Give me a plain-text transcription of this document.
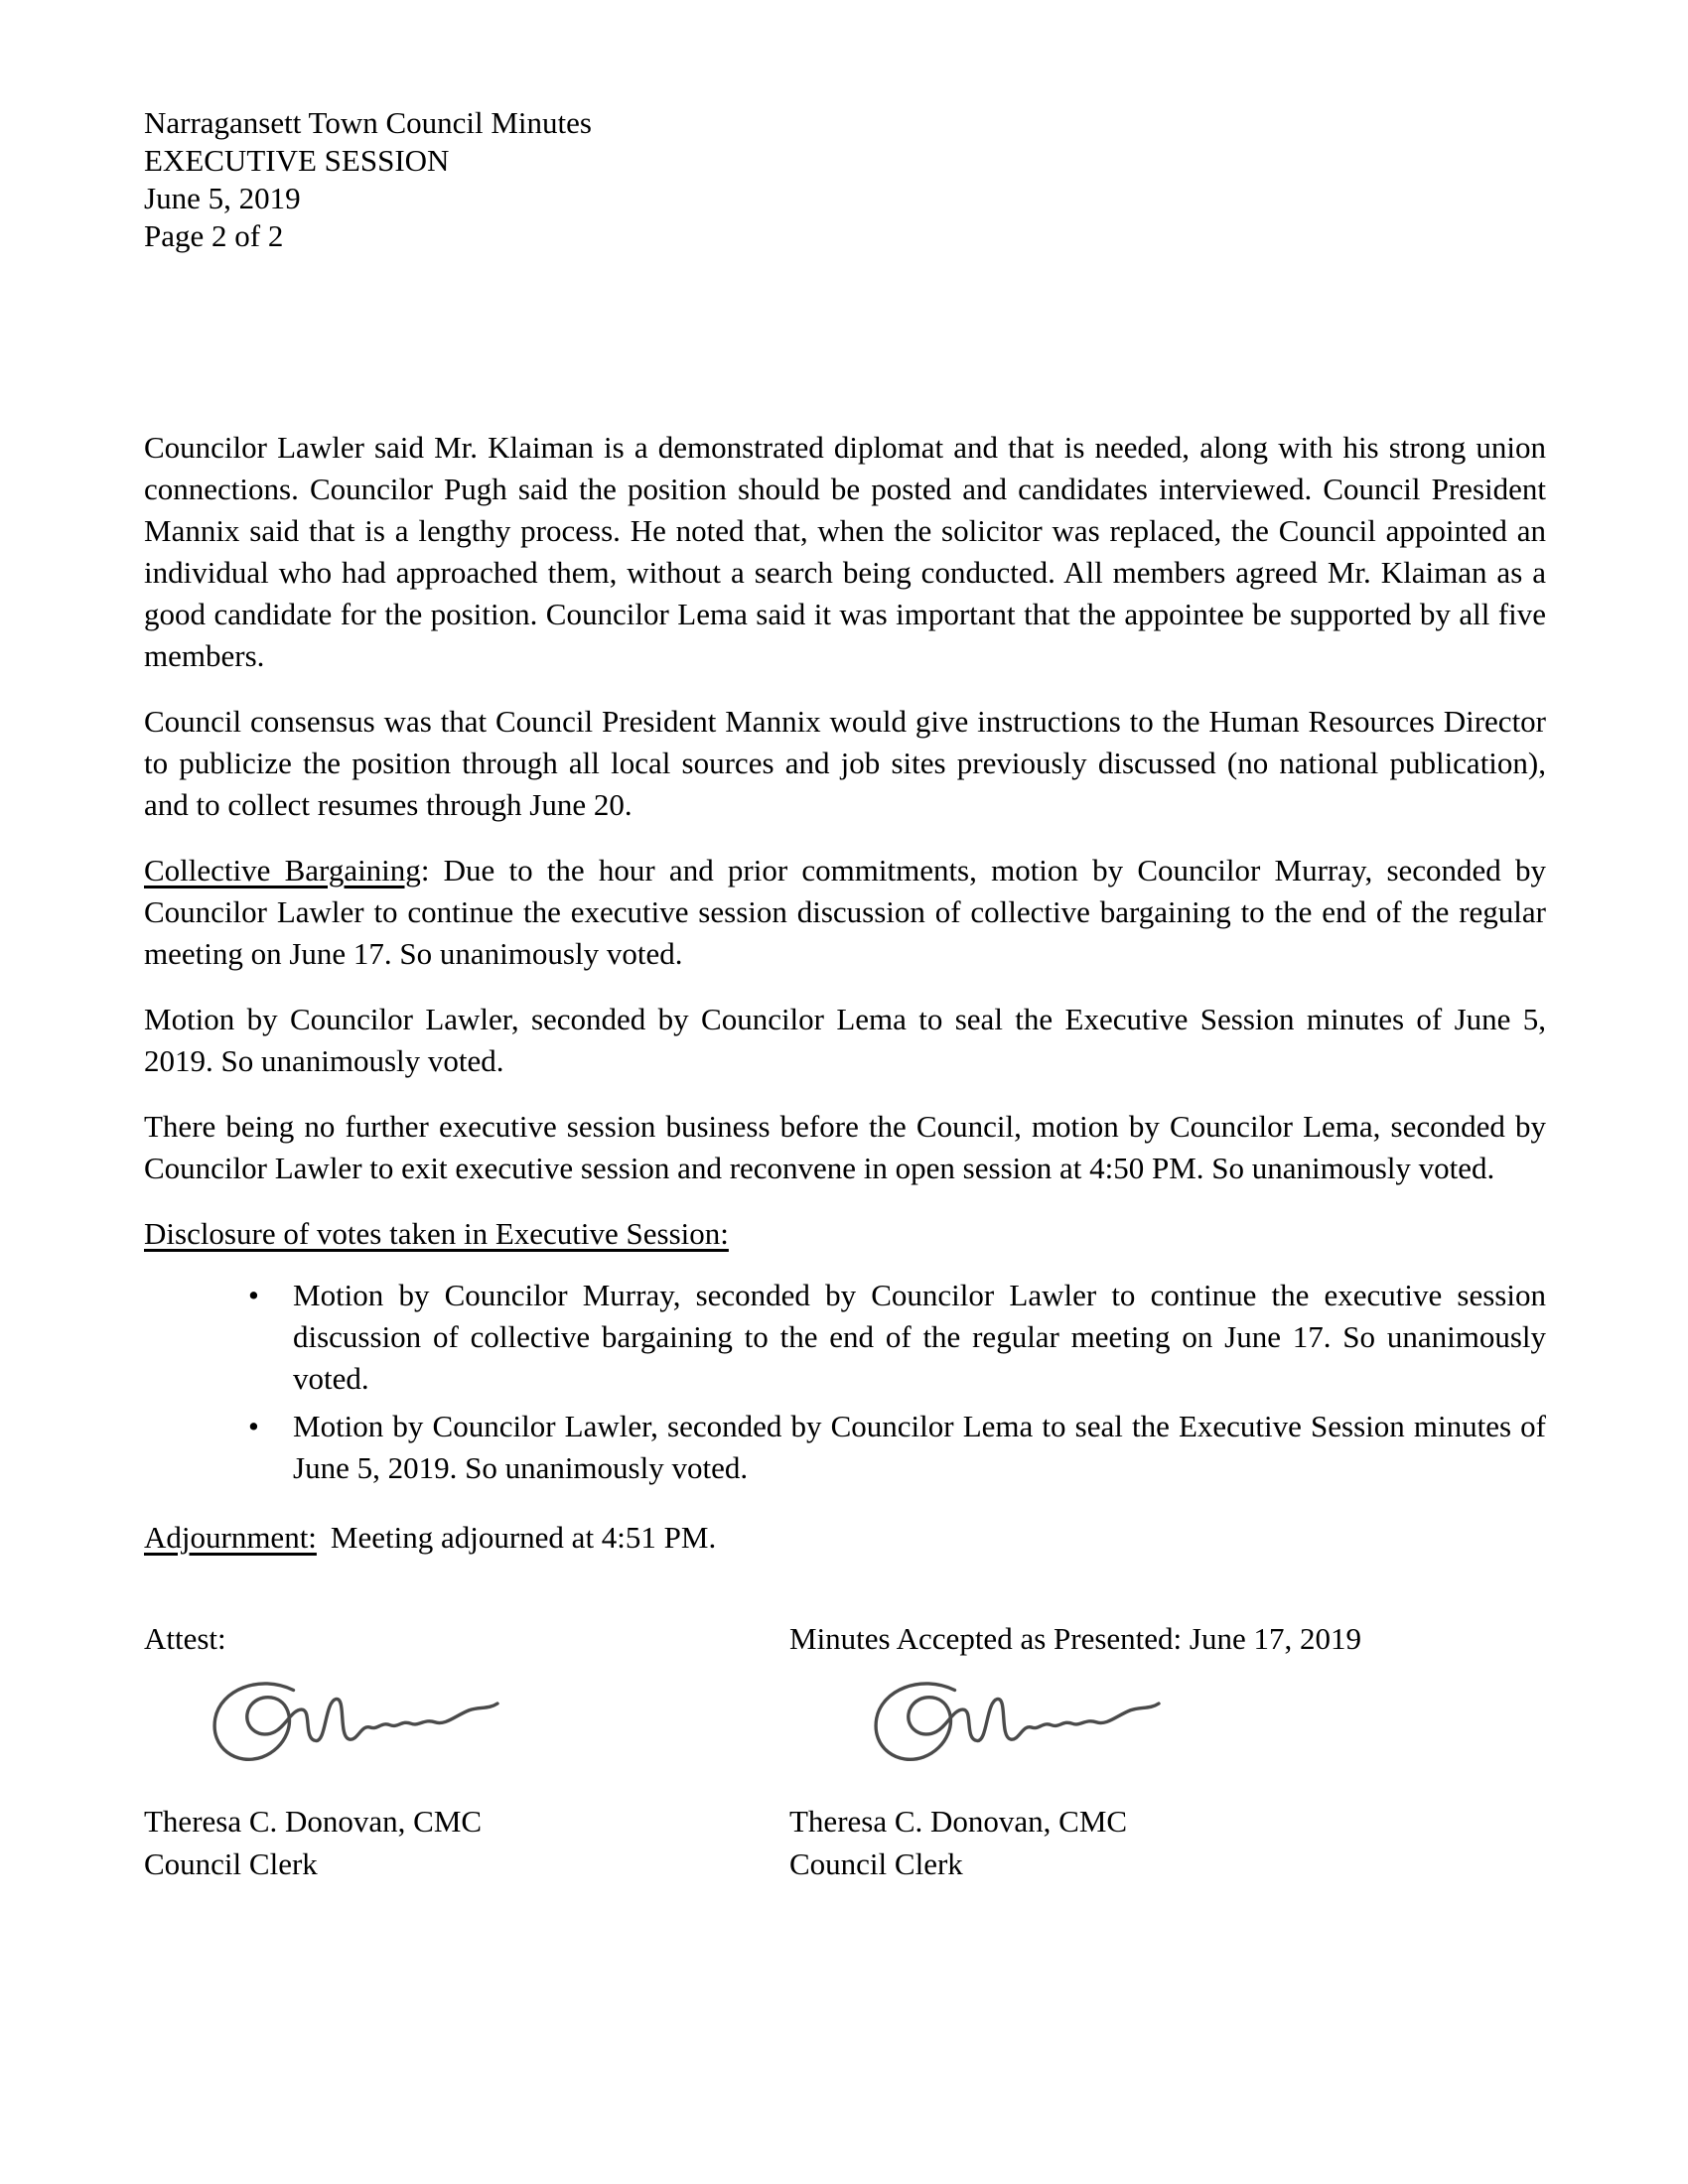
Narragansett Town Council Minutes
EXECUTIVE SESSION
June 5, 2019
Page 2 of 2

Councilor Lawler said Mr. Klaiman is a demonstrated diplomat and that is needed, along with his strong union connections. Councilor Pugh said the position should be posted and candidates interviewed. Council President Mannix said that is a lengthy process. He noted that, when the solicitor was replaced, the Council appointed an individual who had approached them, without a search being conducted. All members agreed Mr. Klaiman as a good candidate for the position. Councilor Lema said it was important that the appointee be supported by all five members.

Council consensus was that Council President Mannix would give instructions to the Human Resources Director to publicize the position through all local sources and job sites previously discussed (no national publication), and to collect resumes through June 20.

Collective Bargaining: Due to the hour and prior commitments, motion by Councilor Murray, seconded by Councilor Lawler to continue the executive session discussion of collective bargaining to the end of the regular meeting on June 17. So unanimously voted.

Motion by Councilor Lawler, seconded by Councilor Lema to seal the Executive Session minutes of June 5, 2019. So unanimously voted.

There being no further executive session business before the Council, motion by Councilor Lema, seconded by Councilor Lawler to exit executive session and reconvene in open session at 4:50 PM. So unanimously voted.

Disclosure of votes taken in Executive Session:

•	Motion by Councilor Murray, seconded by Councilor Lawler to continue the executive session discussion of collective bargaining to the end of the regular meeting on June 17. So unanimously voted.
•	Motion by Councilor Lawler, seconded by Councilor Lema to seal the Executive Session minutes of June 5, 2019. So unanimously voted.

Adjournment: Meeting adjourned at 4:51 PM.

Attest:
Theresa C. Donovan, CMC
Council Clerk
Minutes Accepted as Presented: June 17, 2019
Theresa C. Donovan, CMC
Council Clerk
